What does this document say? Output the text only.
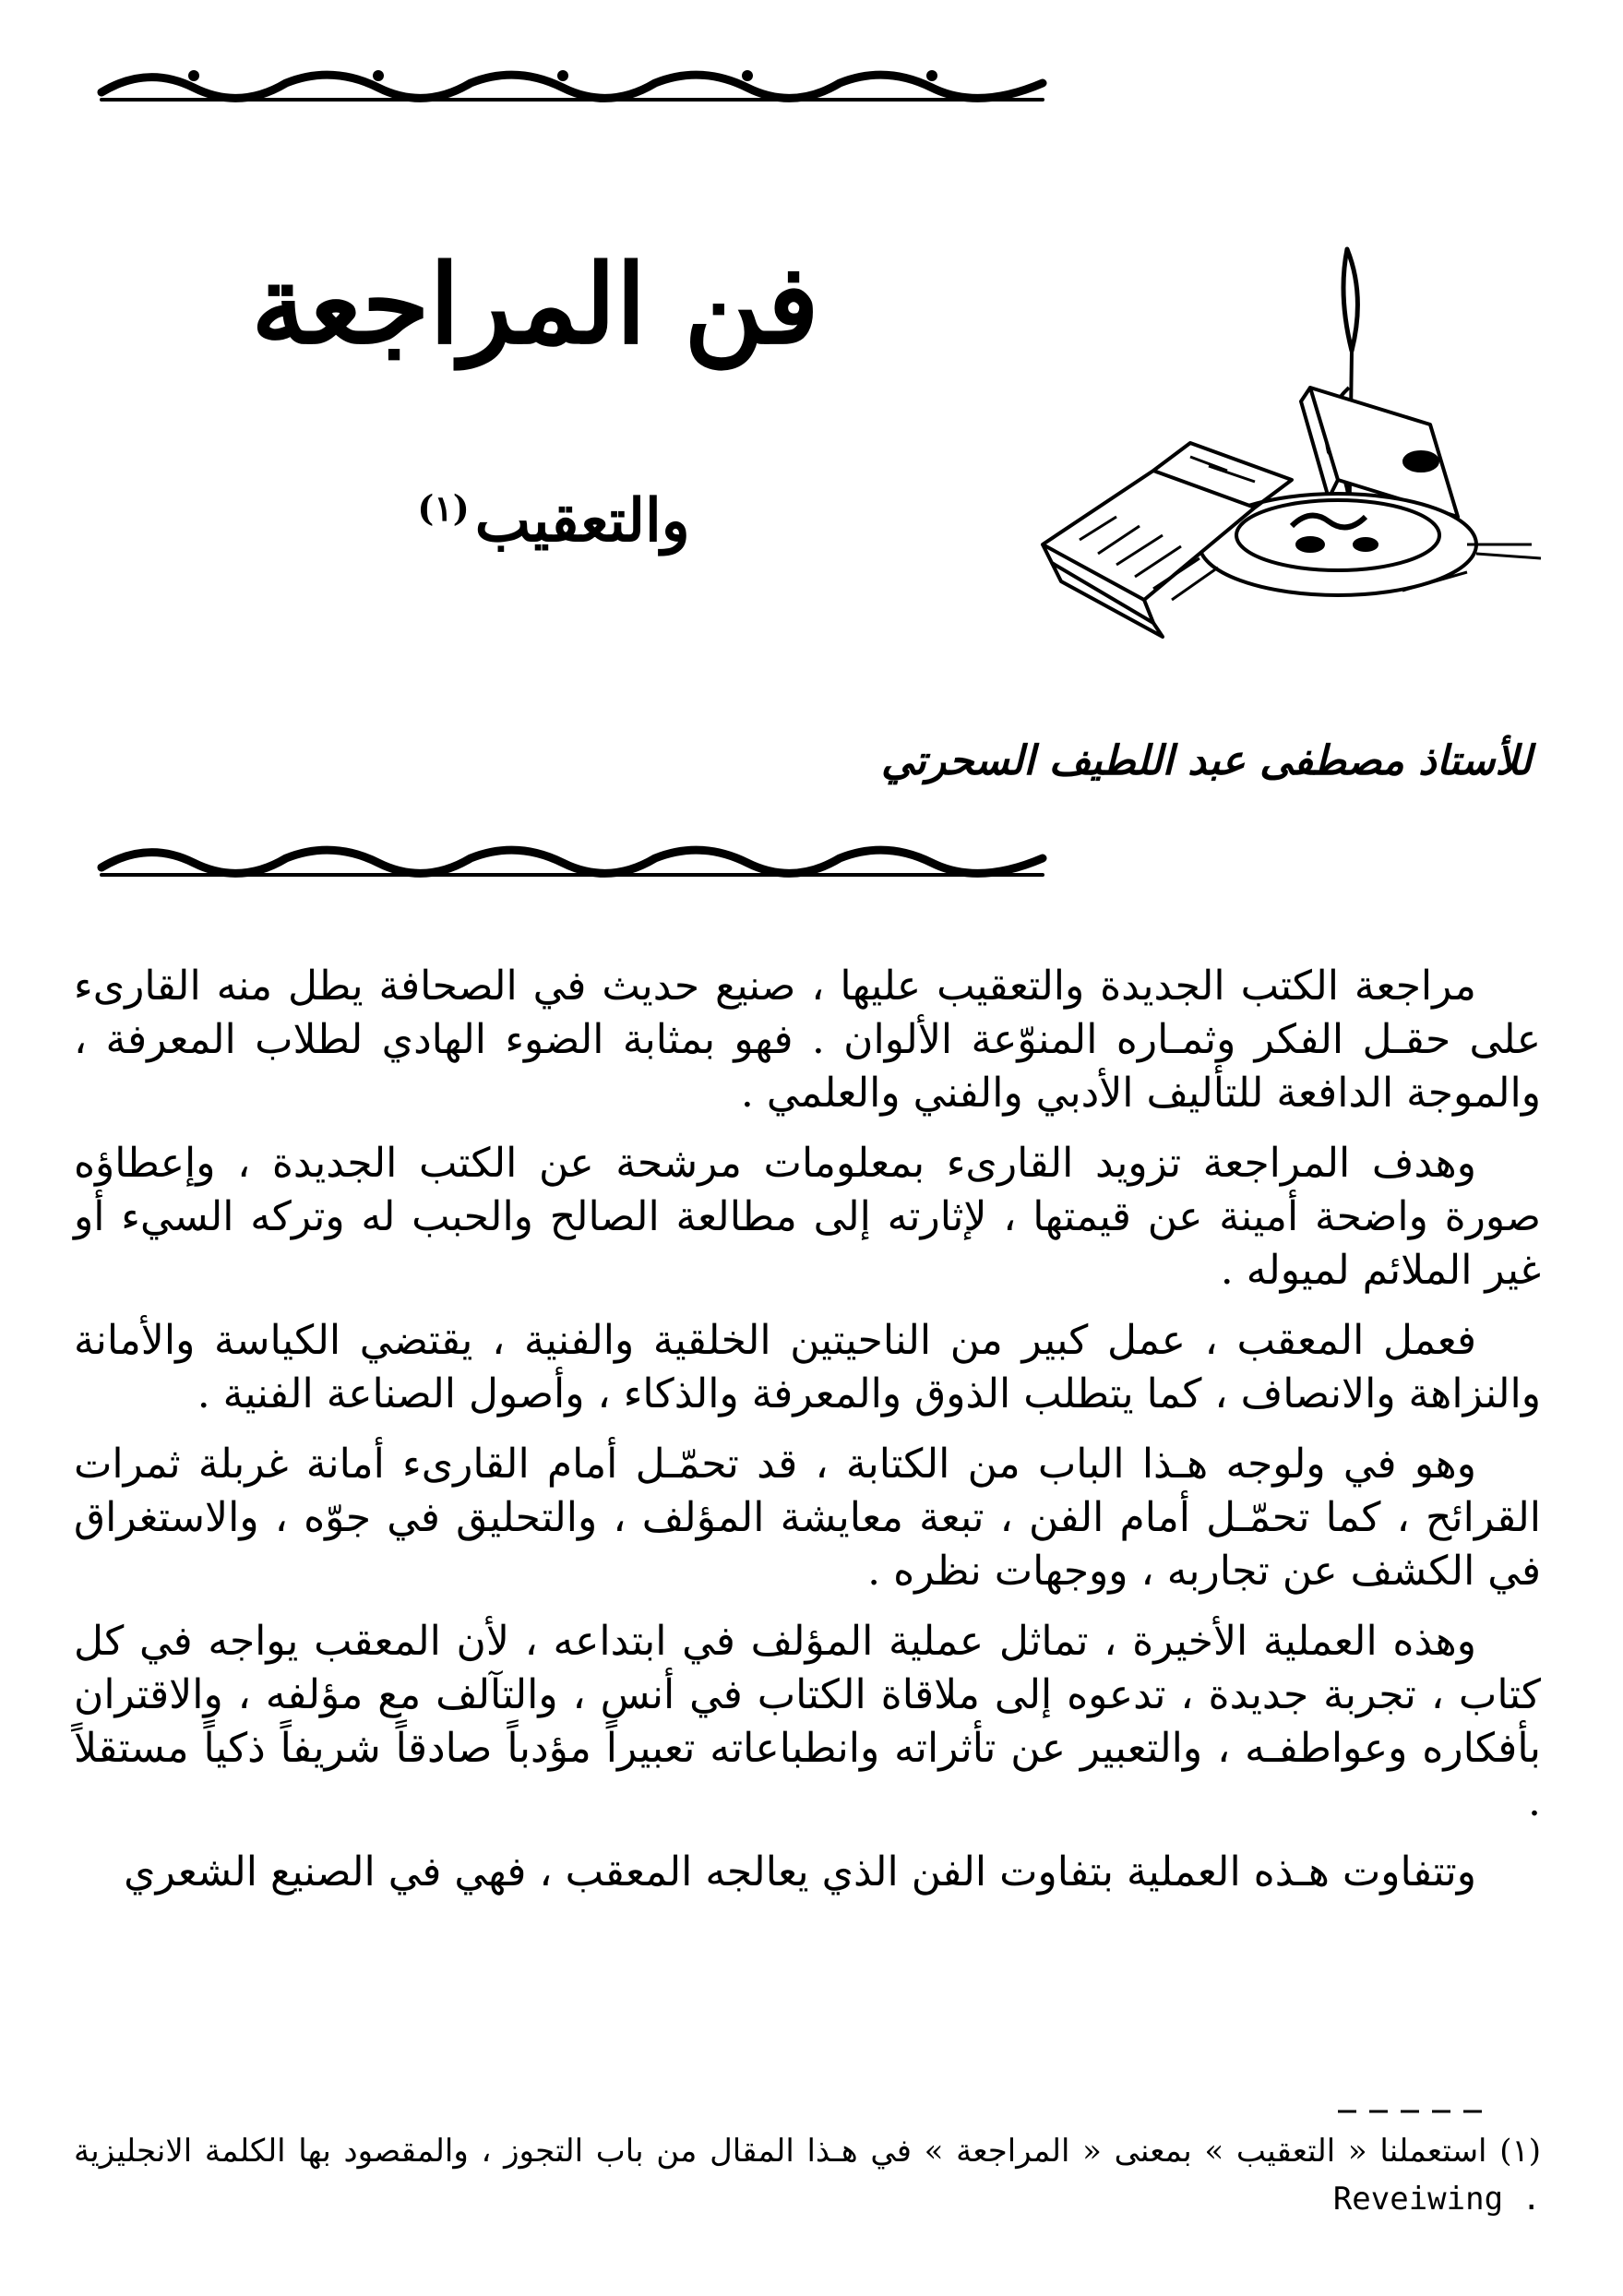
فن المراجعة
والتعقيب$^{(١)}$
للأستاذ مصطفى عبد اللطيف السحرتي

مراجعة الكتب الجديدة والتعقيب عليها ، صنيع حديث في الصحافة يطل منه القارىء على حقـل الفكر وثمـاره المنوّعة الألوان . فهو بمثابة الضوء الهادي لطلاب المعرفة ، والموجة الدافعة للتأليف الأدبي والفني والعلمي .

وهدف المراجعة تزويد القارىء بمعلومات مرشحة عن الكتب الجديدة ، وإعطاؤه صورة واضحة أمينة عن قيمتها ، لإثارته إلى مطالعة الصالح والحبب له وتركه السيء أو غير الملائم لميوله .

فعمل المعقب ، عمل كبير من الناحيتين الخلقية والفنية ، يقتضي الكياسة والأمانة والنزاهة والانصاف ، كما يتطلب الذوق والمعرفة والذكاء ، وأصول الصناعة الفنية .

وهو في ولوجه هـذا الباب من الكتابة ، قد تحمّـل أمام القارىء أمانة غربلة ثمرات القرائح ، كما تحمّـل أمام الفن ، تبعة معايشة المؤلف ، والتحليق في جوّه ، والاستغراق في الكشف عن تجاربه ، ووجهات نظره .

وهذه العملية الأخيرة ، تماثل عملية المؤلف في ابتداعه ، لأن المعقب يواجه في كل كتاب ، تجربة جديدة ، تدعوه إلى ملاقاة الكتاب في أنس ، والتآلف مع مؤلفه ، والاقتران بأفكاره وعواطفـه ، والتعبير عن تأثراته وانطباعاته تعبيراً مؤدباً صادقاً شريفاً ذكياً مستقلاً .

وتتفاوت هـذه العملية بتفاوت الفن الذي يعالجه المعقب ، فهي في الصنيع الشعري

(١) استعملنا « التعقيب » بمعنى « المراجعة » في هـذا المقال من باب التجوز ، والمقصود بها الكلمة الانجليزية Reveiwing .
